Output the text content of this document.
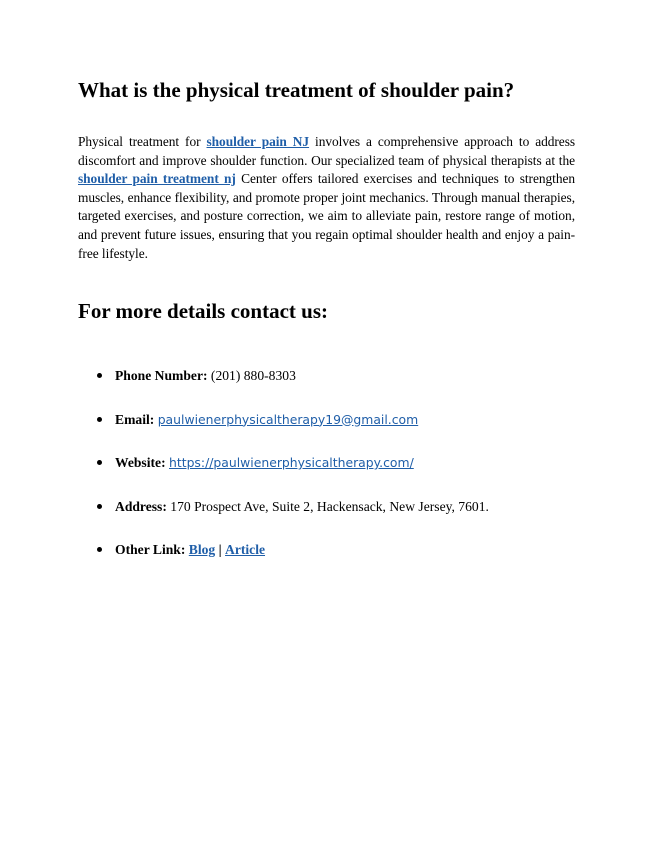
What is the physical treatment of shoulder pain?

Physical treatment for shoulder pain NJ involves a comprehensive approach to address discomfort and improve shoulder function. Our specialized team of physical therapists at the shoulder pain treatment nj Center offers tailored exercises and techniques to strengthen muscles, enhance flexibility, and promote proper joint mechanics. Through manual therapies, targeted exercises, and posture correction, we aim to alleviate pain, restore range of motion, and prevent future issues, ensuring that you regain optimal shoulder health and enjoy a pain-free lifestyle.

For more details contact us:
Phone Number: (201) 880-8303
Email: paulwienerphysicaltherapy19@gmail.com
Website: https://paulwienerphysicaltherapy.com/
Address: 170 Prospect Ave, Suite 2, Hackensack, New Jersey, 7601.
Other Link: Blog | Article
